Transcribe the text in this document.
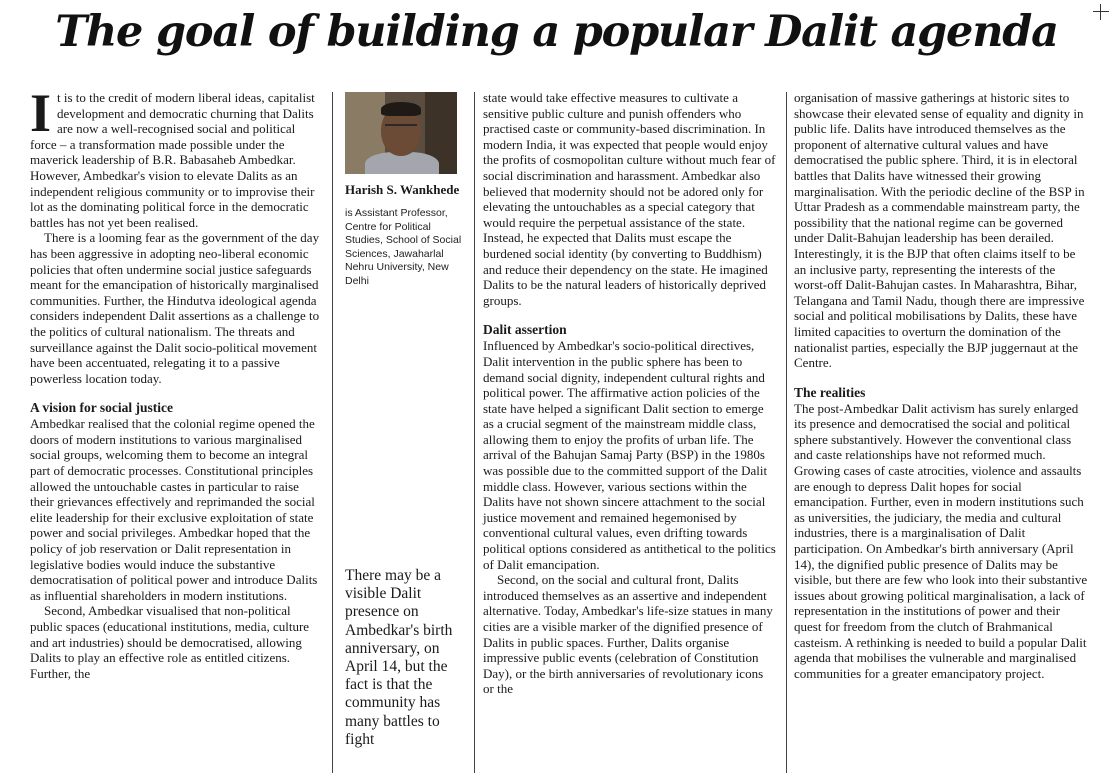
The goal of building a popular Dalit agenda

It is to the credit of modern liberal ideas, capitalist development and democratic churning that Dalits are now a well-recognised social and political force – a transformation made possible under the maverick leadership of B.R. Babasaheb Ambedkar. However, Ambedkar's vision to elevate Dalits as an independent religious community or to improvise their lot as the dominating political force in the democratic battles has not yet been realised.

There is a looming fear as the government of the day has been aggressive in adopting neo-liberal economic policies that often undermine social justice safeguards meant for the emancipation of historically marginalised communities. Further, the Hindutva ideological agenda considers independent Dalit assertions as a challenge to the politics of cultural nationalism. The threats and surveillance against the Dalit socio-political movement have been accentuated, relegating it to a passive powerless location today.

A vision for social justice

Ambedkar realised that the colonial regime opened the doors of modern institutions to various marginalised social groups, welcoming them to become an integral part of democratic processes. Constitutional principles allowed the untouchable castes in particular to raise their grievances effectively and reprimanded the social elite leadership for their exclusive exploitation of state power and social privileges. Ambedkar hoped that the policy of job reservation or Dalit representation in legislative bodies would induce the substantive democratisation of political power and introduce Dalits as influential shareholders in modern institutions.

Second, Ambedkar visualised that non-political public spaces (educational institutions, media, culture and art industries) should be democratised, allowing Dalits to play an effective role as entitled citizens. Further, the

Harish S. Wankhede
is Assistant Professor, Centre for Political Studies, School of Social Sciences, Jawaharlal Nehru University, New Delhi
There may be a visible Dalit presence on Ambedkar's birth anniversary, on April 14, but the fact is that the community has many battles to fight

state would take effective measures to cultivate a sensitive public culture and punish offenders who practised caste or community-based discrimination. In modern India, it was expected that people would enjoy the profits of cosmopolitan culture without much fear of social discrimination and harassment. Ambedkar also believed that modernity should not be adored only for elevating the untouchables as a special category that would require the perpetual assistance of the state. Instead, he expected that Dalits must escape the burdened social identity (by converting to Buddhism) and reduce their dependency on the state. He imagined Dalits to be the natural leaders of historically deprived groups.

Dalit assertion

Influenced by Ambedkar's socio-political directives, Dalit intervention in the public sphere has been to demand social dignity, independent cultural rights and political power. The affirmative action policies of the state have helped a significant Dalit section to emerge as a crucial segment of the mainstream middle class, allowing them to enjoy the profits of urban life. The arrival of the Bahujan Samaj Party (BSP) in the 1980s was possible due to the committed support of the Dalit middle class. However, various sections within the Dalits have not shown sincere attachment to the social justice movement and remained hegemonised by conventional cultural values, even drifting towards political options considered as antithetical to the politics of Dalit emancipation.

Second, on the social and cultural front, Dalits introduced themselves as an assertive and independent alternative. Today, Ambedkar's life-size statues in many cities are a visible marker of the dignified presence of Dalits in public spaces. Further, Dalits organise impressive public events (celebration of Constitution Day), or the birth anniversaries of revolutionary icons or the

organisation of massive gatherings at historic sites to showcase their elevated sense of equality and dignity in public life. Dalits have introduced themselves as the proponent of alternative cultural values and have democratised the public sphere. Third, it is in electoral battles that Dalits have witnessed their growing marginalisation. With the periodic decline of the BSP in Uttar Pradesh as a commendable mainstream party, the possibility that the national regime can be governed under Dalit-Bahujan leadership has been derailed. Interestingly, it is the BJP that often claims itself to be an inclusive party, representing the interests of the worst-off Dalit-Bahujan castes. In Maharashtra, Bihar, Telangana and Tamil Nadu, though there are impressive social and political mobilisations by Dalits, these have limited capacities to overturn the domination of the nationalist parties, especially the BJP juggernaut at the Centre.

The realities

The post-Ambedkar Dalit activism has surely enlarged its presence and democratised the social and political sphere substantively. However the conventional class and caste relationships have not reformed much. Growing cases of caste atrocities, violence and assaults are enough to depress Dalit hopes for social emancipation. Further, even in modern institutions such as universities, the judiciary, the media and cultural industries, there is a marginalisation of Dalit participation. On Ambedkar's birth anniversary (April 14), the dignified public presence of Dalits may be visible, but there are few who look into their substantive issues about growing political marginalisation, a lack of representation in the institutions of power and their quest for freedom from the clutch of Brahmanical casteism. A rethinking is needed to build a popular Dalit agenda that mobilises the vulnerable and marginalised communities for a greater emancipatory project.
